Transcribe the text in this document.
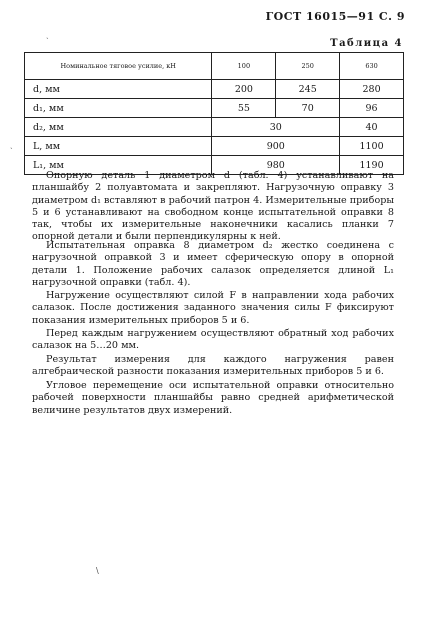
ГОСТ 16015—91 С. 9
Таблица 4
Номинальное тяговое усилие, кН	100	250	630
d, мм	200	245	280
d₁, мм	55	70	96
d₂, мм	30		40
L, мм	900		1100
L₁, мм	980		1190
Опорную деталь 1 диаметром d (табл. 4) устанавливают на планшайбу 2 полуавтомата и закрепляют. Нагрузочную оправку 3 диаметром d₁ вставляют в рабочий патрон 4. Измерительные приборы 5 и 6 устанавливают на свободном конце испытательной оправки 8 так, чтобы их измерительные наконечники касались планки 7 опорной детали и были перпендикулярны к ней.
Испытательная оправка 8 диаметром d₂ жестко соединена с нагрузочной оправкой 3 и имеет сферическую опору в опорной детали 1. Положение рабочих салазок определяется длиной L₁ нагрузочной оправки (табл. 4).
Нагружение осуществляют силой F в направлении хода рабочих салазок. После достижения заданного значения силы F фиксируют показания измерительных приборов 5 и 6.
Перед каждым нагружением осуществляют обратный ход рабочих салазок на 5…20 мм.
Результат измерения для каждого нагружения равен алгебраической разности показания измерительных приборов 5 и 6.
Угловое перемещение оси испытательной оправки относительно рабочей поверхности планшайбы равно средней арифметической величине результатов двух измерений.
ˎ
ˎ
\
